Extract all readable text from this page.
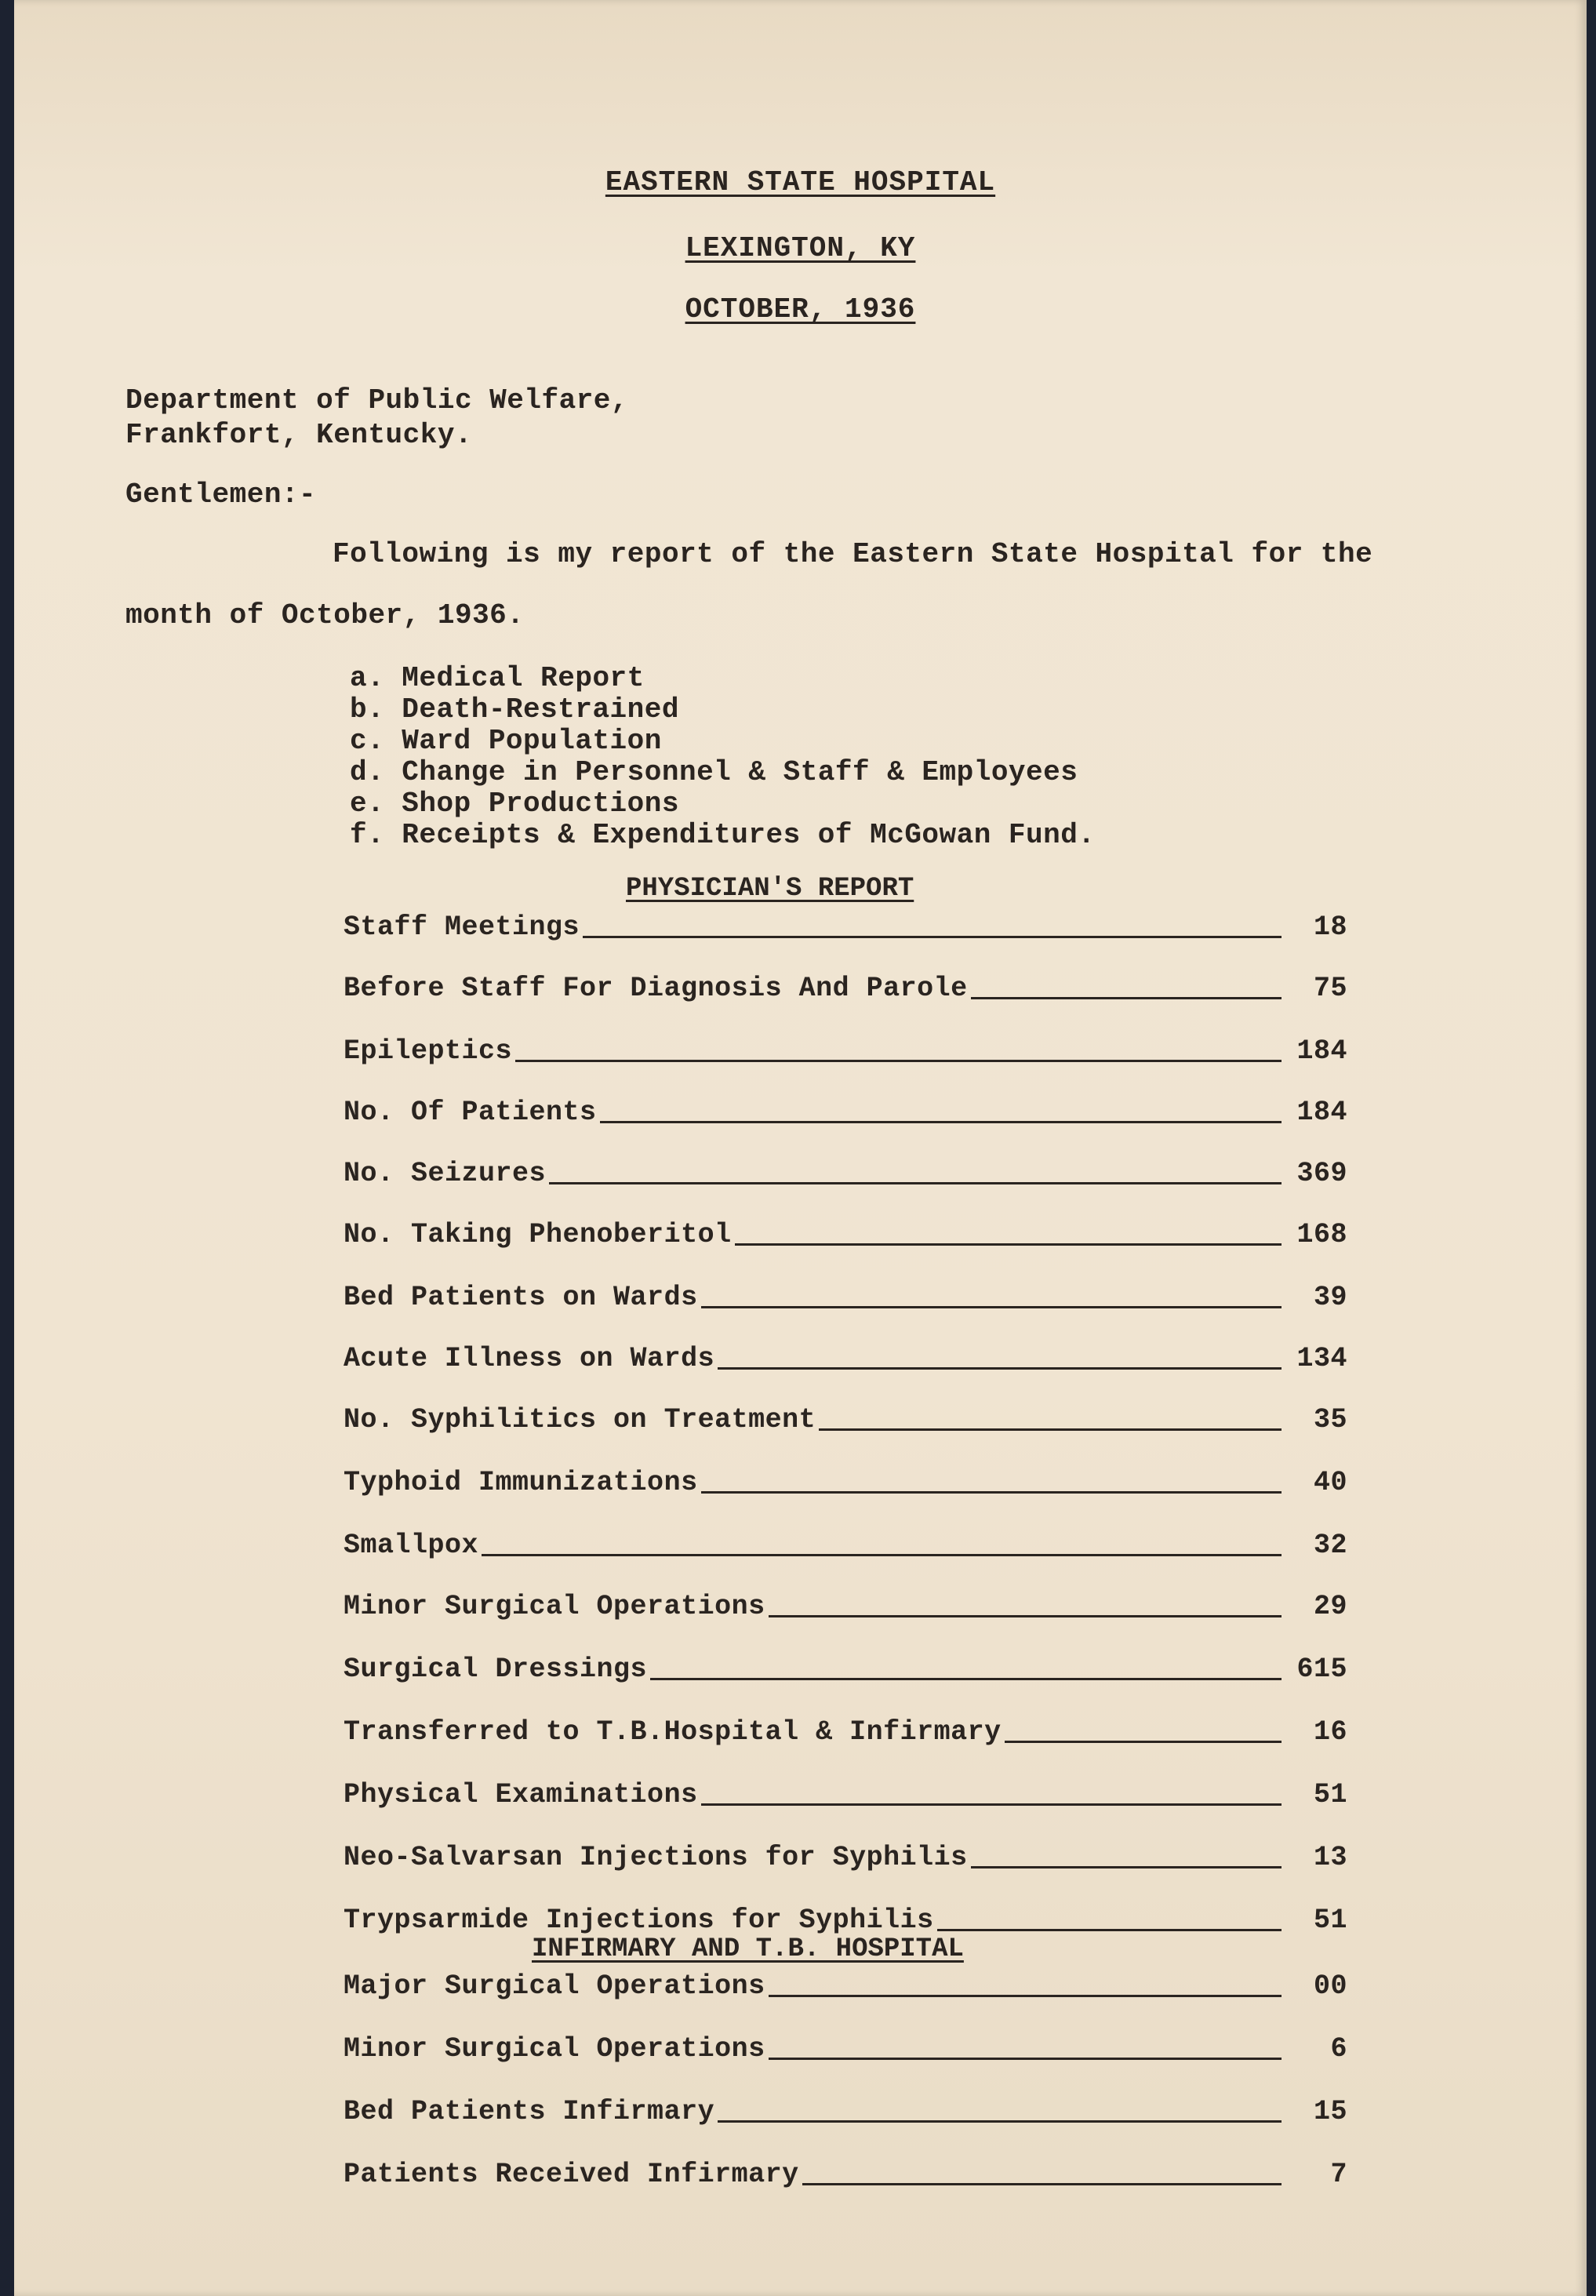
EASTERN STATE HOSPITAL
LEXINGTON, KY
OCTOBER, 1936
Department of Public Welfare,
Frankfort, Kentucky.
Gentlemen:-
Following is my report of the Eastern State Hospital for the
month of October, 1936.
a. Medical Report
b. Death-Restrained
c. Ward Population
d. Change in Personnel & Staff & Employees
e. Shop Productions
f. Receipts & Expenditures of McGowan Fund.
PHYSICIAN'S REPORT
Staff Meetings	18
Before Staff For Diagnosis And Parole	75
Epileptics	184
No. Of Patients	184
No. Seizures	369
No. Taking Phenoberitol	168
Bed Patients on Wards	39
Acute Illness on Wards	134
No. Syphilitics on Treatment	35
Typhoid Immunizations	40
Smallpox	32
Minor Surgical Operations	29
Surgical Dressings	615
Transferred to T.B.Hospital & Infirmary	16
Physical Examinations	51
Neo-Salvarsan Injections for Syphilis	13
Trypsarmide Injections for Syphilis	51
INFIRMARY AND T.B. HOSPITAL
Major Surgical Operations	00
Minor Surgical Operations	6
Bed Patients Infirmary	15
Patients Received Infirmary	7
